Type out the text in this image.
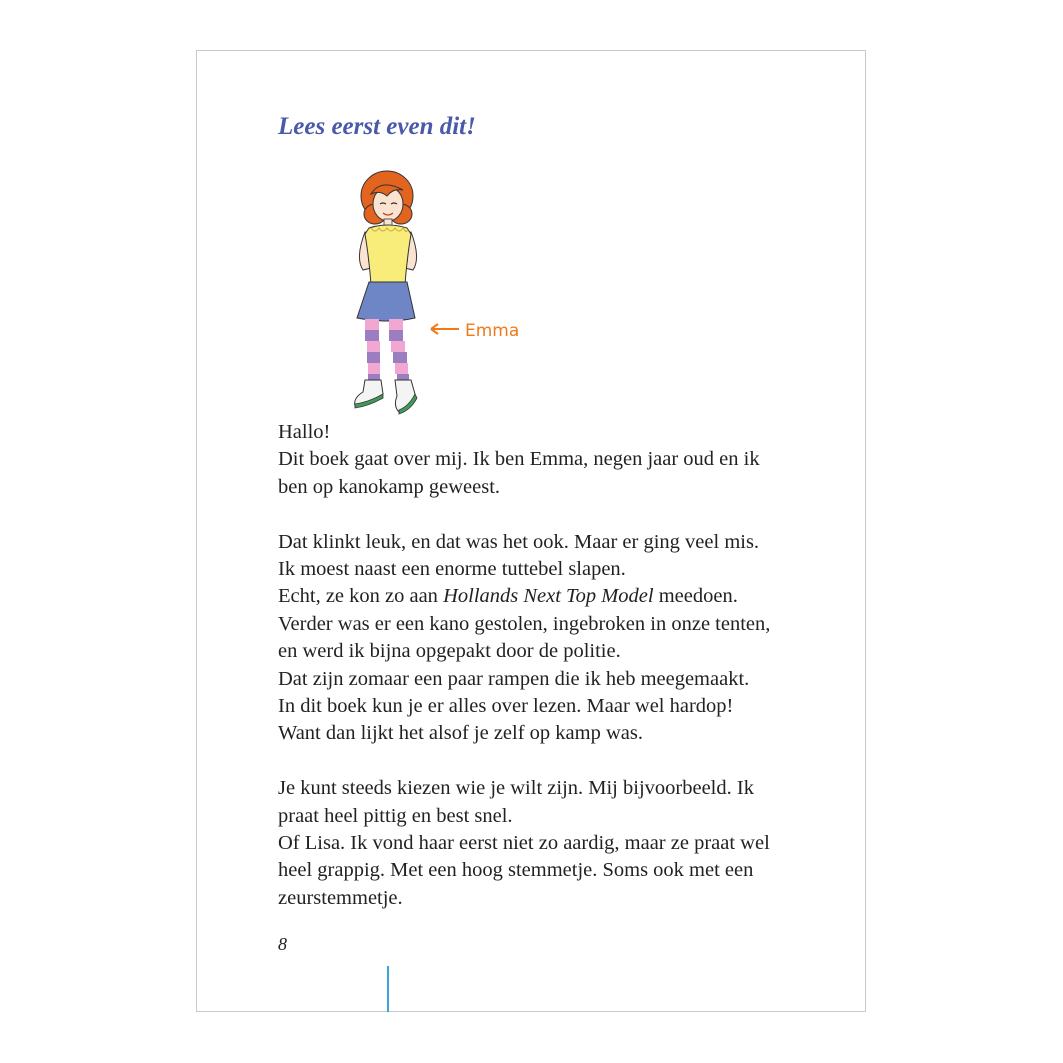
Lees eerst even dit!
Emma

Hallo!
Dit boek gaat over mij. Ik ben Emma, negen jaar oud en ik
ben op kanokamp geweest.

Dat klinkt leuk, en dat was het ook. Maar er ging veel mis.
Ik moest naast een enorme tuttebel slapen.
Echt, ze kon zo aan Hollands Next Top Model meedoen.
Verder was er een kano gestolen, ingebroken in onze tenten,
en werd ik bijna opgepakt door de politie.
Dat zijn zomaar een paar rampen die ik heb meegemaakt.
In dit boek kun je er alles over lezen. Maar wel hardop!
Want dan lijkt het alsof je zelf op kamp was.

Je kunt steeds kiezen wie je wilt zijn. Mij bijvoorbeeld. Ik
praat heel pittig en best snel.
Of Lisa. Ik vond haar eerst niet zo aardig, maar ze praat wel
heel grappig. Met een hoog stemmetje. Soms ook met een
zeurstemmetje.

8
